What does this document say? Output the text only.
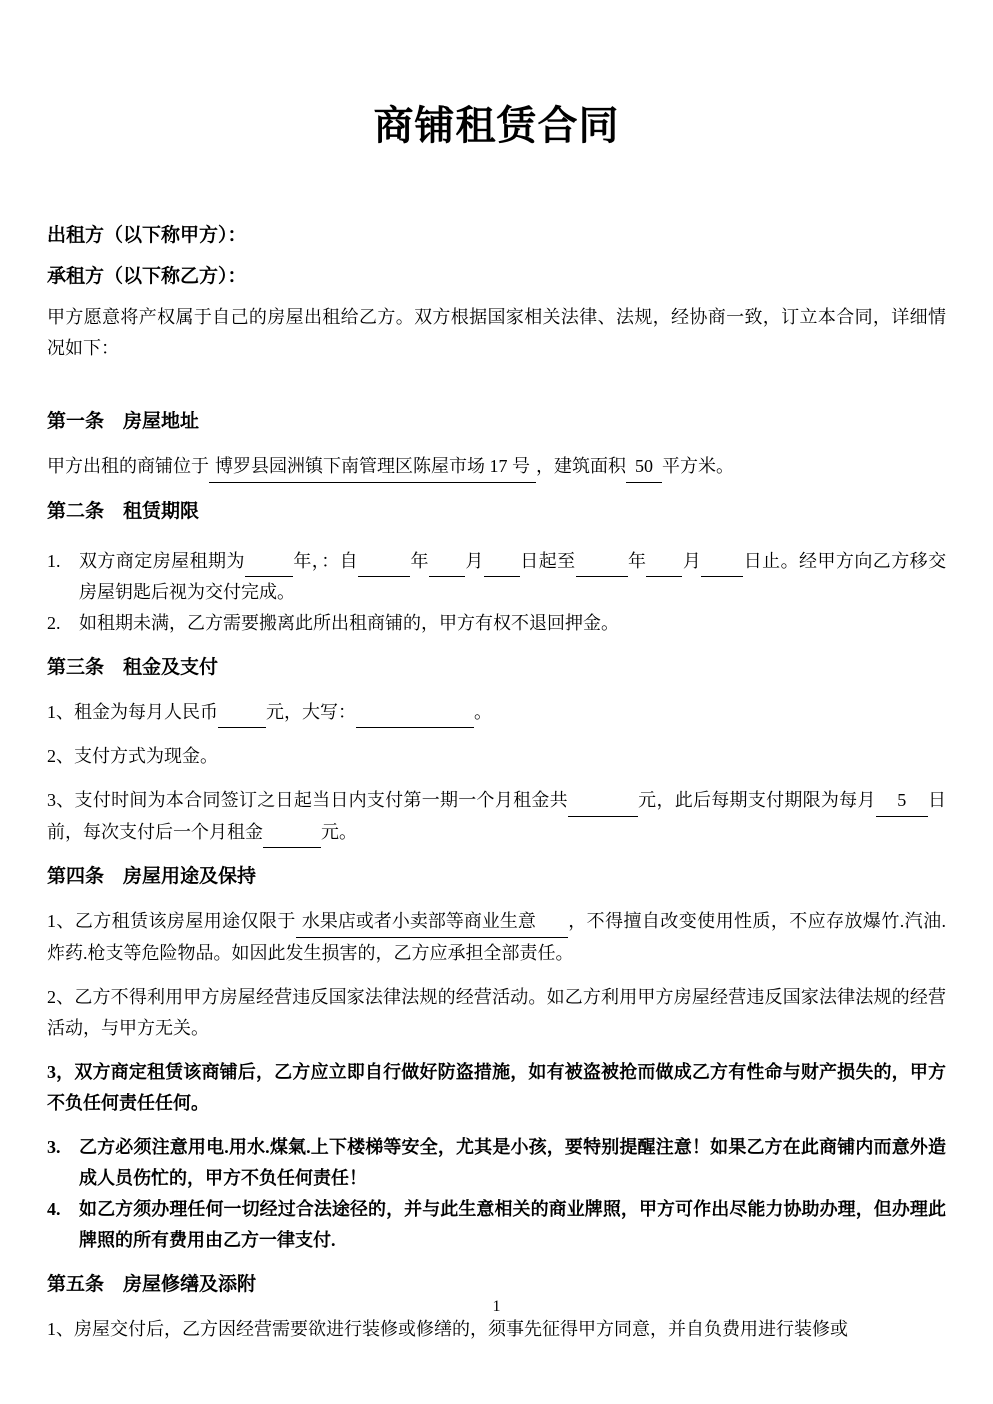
商铺租赁合同

出租方（以下称甲方）：

承租方（以下称乙方）：

甲方愿意将产权属于自己的房屋出租给乙方。双方根据国家相关法律、法规，经协商一致，订立本合同，详细情况如下：

第一条　房屋地址

甲方出租的商铺位于 博罗县园洲镇下南管理区陈屋市场 17 号 ，建筑面积 50 平方米。

第二条　租赁期限
1.	双方商定房屋租期为	年，：自	年 月 日起至	年 月 日止。经甲方向乙方移交房屋钥匙后视为交付完成。
2.	如租期未满，乙方需要搬离此所出租商铺的，甲方有权不退回押金。
第三条　租金及支付

1、租金为每月人民币	元，大写：	。

2、支付方式为现金。

3、支付时间为本合同签订之日起当日内支付第一期一个月租金共	元，此后每期支付期限为每月 5 日前，每次支付后一个月租金	元。

第四条　房屋用途及保持

1、乙方租赁该房屋用途仅限于 水果店或者小卖部等商业生意 ，不得擅自改变使用性质，不应存放爆竹.汽油.炸药.枪支等危险物品。如因此发生损害的，乙方应承担全部责任。

2、乙方不得利用甲方房屋经营违反国家法律法规的经营活动。如乙方利用甲方房屋经营违反国家法律法规的经营活动，与甲方无关。

3，双方商定租赁该商铺后，乙方应立即自行做好防盗措施，如有被盗被抢而做成乙方有性命与财产损失的，甲方不负任何责任任何。

3.	乙方必须注意用电.用水.煤氣.上下楼梯等安全，尤其是小孩，要特别提醒注意！如果乙方在此商铺内而意外造成人员伤忙的，甲方不负任何责任！
4.	如乙方须办理任何一切经过合法途径的，并与此生意相关的商业牌照，甲方可作出尽能力协助办理，但办理此牌照的所有费用由乙方一律支付.
第五条　房屋修缮及添附

1、房屋交付后，乙方因经营需要欲进行装修或修缮的，须事先征得甲方同意，并自负费用进行装修或

1
